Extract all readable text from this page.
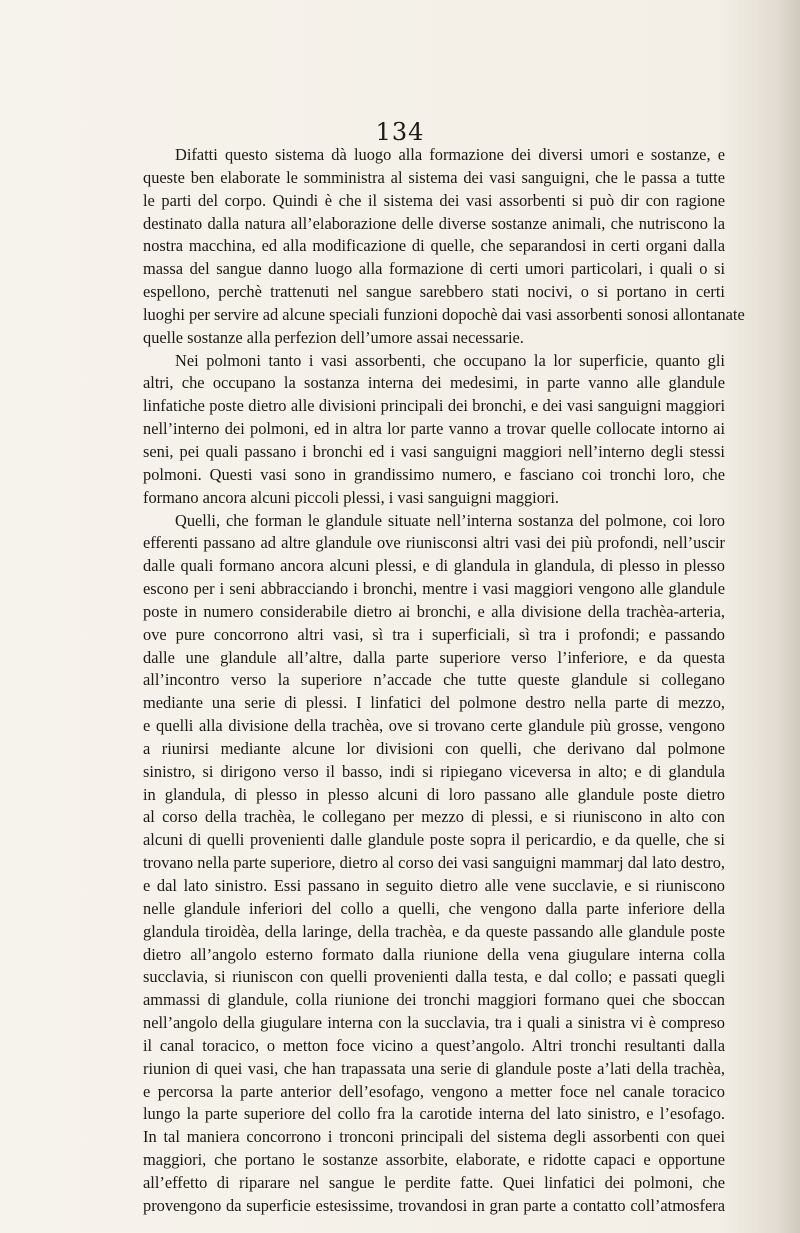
134
Difatti questo sistema dà luogo alla formazione dei diversi umori e sostanze, e
queste ben elaborate le somministra al sistema dei vasi sanguigni, che le passa a tutte
le parti del corpo. Quindi è che il sistema dei vasi assorbenti si può dir con ragione
destinato dalla natura all’elaborazione delle diverse sostanze animali, che nutriscono la
nostra macchina, ed alla modificazione di quelle, che separandosi in certi organi dalla
massa del sangue danno luogo alla formazione di certi umori particolari, i quali o si
espellono, perchè trattenuti nel sangue sarebbero stati nocivi, o si portano in certi
luoghi per servire ad alcune speciali funzioni dopochè dai vasi assorbenti sonosi allontanate
quelle sostanze alla perfezion dell’umore assai necessarie.
Nei polmoni tanto i vasi assorbenti, che occupano la lor superficie, quanto gli
altri, che occupano la sostanza interna dei medesimi, in parte vanno alle glandule
linfatiche poste dietro alle divisioni principali dei bronchi, e dei vasi sanguigni maggiori
nell’interno dei polmoni, ed in altra lor parte vanno a trovar quelle collocate intorno ai
seni, pei quali passano i bronchi ed i vasi sanguigni maggiori nell’interno degli stessi
polmoni. Questi vasi sono in grandissimo numero, e fasciano coi tronchi loro, che
formano ancora alcuni piccoli plessi, i vasi sanguigni maggiori.
Quelli, che forman le glandule situate nell’interna sostanza del polmone, coi loro
efferenti passano ad altre glandule ove riunisconsi altri vasi dei più profondi, nell’uscir
dalle quali formano ancora alcuni plessi, e di glandula in glandula, di plesso in plesso
escono per i seni abbracciando i bronchi, mentre i vasi maggiori vengono alle glandule
poste in numero considerabile dietro ai bronchi, e alla divisione della trachèa-arteria,
ove pure concorrono altri vasi, sì tra i superficiali, sì tra i profondi; e passando
dalle une glandule all’altre, dalla parte superiore verso l’inferiore, e da questa
all’incontro verso la superiore n’accade che tutte queste glandule si collegano
mediante una serie di plessi. I linfatici del polmone destro nella parte di mezzo,
e quelli alla divisione della trachèa, ove si trovano certe glandule più grosse, vengono
a riunirsi mediante alcune lor divisioni con quelli, che derivano dal polmone
sinistro, si dirigono verso il basso, indi si ripiegano viceversa in alto; e di glandula
in glandula, di plesso in plesso alcuni di loro passano alle glandule poste dietro
al corso della trachèa, le collegano per mezzo di plessi, e si riuniscono in alto con
alcuni di quelli provenienti dalle glandule poste sopra il pericardio, e da quelle, che si
trovano nella parte superiore, dietro al corso dei vasi sanguigni mammarj dal lato destro,
e dal lato sinistro. Essi passano in seguito dietro alle vene succlavie, e si riuniscono
nelle glandule inferiori del collo a quelli, che vengono dalla parte inferiore della
glandula tiroidèa, della laringe, della trachèa, e da queste passando alle glandule poste
dietro all’angolo esterno formato dalla riunione della vena giugulare interna colla
succlavia, si riuniscon con quelli provenienti dalla testa, e dal collo; e passati quegli
ammassi di glandule, colla riunione dei tronchi maggiori formano quei che sboccan
nell’angolo della giugulare interna con la succlavia, tra i quali a sinistra vi è compreso
il canal toracico, o metton foce vicino a quest’angolo. Altri tronchi resultanti dalla
riunion di quei vasi, che han trapassata una serie di glandule poste a’lati della trachèa,
e percorsa la parte anterior dell’esofago, vengono a metter foce nel canale toracico
lungo la parte superiore del collo fra la carotide interna del lato sinistro, e l’esofago.
In tal maniera concorrono i tronconi principali del sistema degli assorbenti con quei
maggiori, che portano le sostanze assorbite, elaborate, e ridotte capaci e opportune
all’effetto di riparare nel sangue le perdite fatte. Quei linfatici dei polmoni, che
provengono da superficie estesissime, trovandosi in gran parte a contatto coll’atmosfera
